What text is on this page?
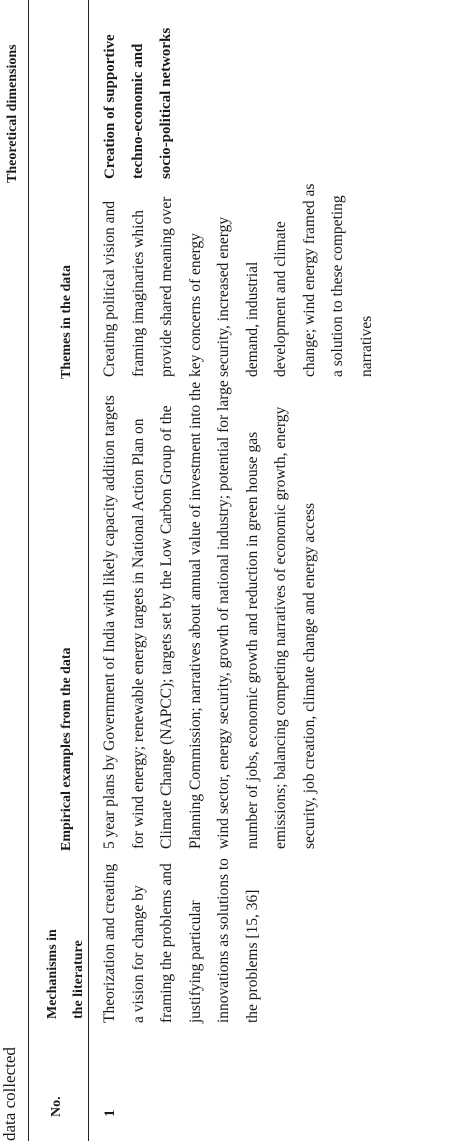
data collected	No.
Mechanisms in the literature
Empirical examples from the data
Themes in the data
Theoretical dimensions
1
Theorization and creating a vision for change by framing the problems and justifying particular innovations as solutions to the problems [15, 36]
5 year plans by Government of India with likely capacity addition targets for wind energy; renewable energy targets in National Action Plan on Climate Change (NAPCC); targets set by the Low Carbon Group of the Planning Commission; narratives about annual value of investment into the wind sector, energy security, growth of national industry; potential for large number of jobs, economic growth and reduction in green house gas emissions; balancing competing narratives of economic growth, energy security, job creation, climate change and energy access
Creating political vision and framing imaginaries which provide shared meaning over key concerns of energy security, increased energy demand, industrial development and climate change; wind energy framed as a solution to these competing narratives
Creation of supportive techno-economic and socio-political networks
